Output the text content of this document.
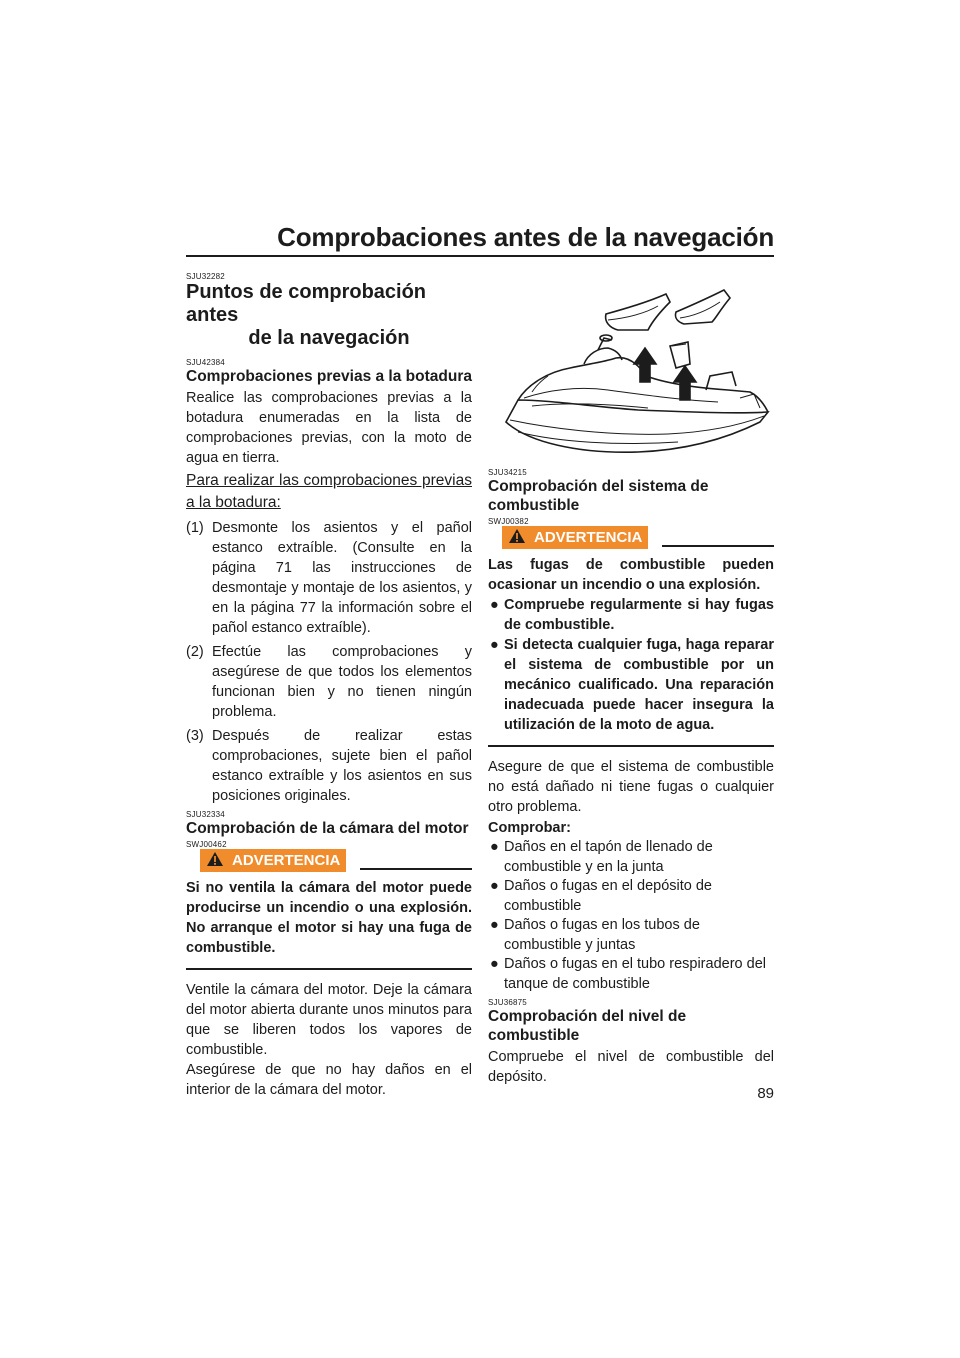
Comprobaciones antes de la navegación
SJU32282
Puntos de comprobación antes
de la navegación
SJU42384
Comprobaciones previas a la botadura

Realice las comprobaciones previas a la botadura enumeradas en la lista de comprobaciones previas, con la moto de agua en tierra.

Para realizar las comprobaciones previas a la botadura:
(1) Desmonte los asientos y el pañol estanco extraíble. (Consulte en la página 71 las instrucciones de desmontaje y montaje de los asientos, y en la página 77 la información sobre el pañol estanco extraíble).
(2) Efectúe las comprobaciones y asegúrese de que todos los elementos funcionan bien y no tienen ningún problema.
(3) Después de realizar estas comprobaciones, sujete bien el pañol estanco extraíble y los asientos en sus posiciones originales.
SJU32334
Comprobación de la cámara del motor
SWJ00462
ADVERTENCIA
Si no ventila la cámara del motor puede producirse un incendio o una explosión. No arranque el motor si hay una fuga de combustible.

Ventile la cámara del motor. Deje la cámara del motor abierta durante unos minutos para que se liberen todos los vapores de combustible.

Asegúrese de que no hay daños en el interior de la cámara del motor.

SJU34215
Comprobación del sistema de combustible
SWJ00382
ADVERTENCIA
Las fugas de combustible pueden ocasionar un incendio o una explosión.
● Compruebe regularmente si hay fugas de combustible.
● Si detecta cualquier fuga, haga reparar el sistema de combustible por un mecánico cualificado. Una reparación inadecuada puede hacer insegura la utilización de la moto de agua.

Asegure de que el sistema de combustible no está dañado ni tiene fugas o cualquier otro problema.

Comprobar:
● Daños en el tapón de llenado de combustible y en la junta
● Daños o fugas en el depósito de combustible
● Daños o fugas en los tubos de combustible y juntas
● Daños o fugas en el tubo respiradero del tanque de combustible
SJU36875
Comprobación del nivel de combustible

Compruebe el nivel de combustible del depósito.

89
